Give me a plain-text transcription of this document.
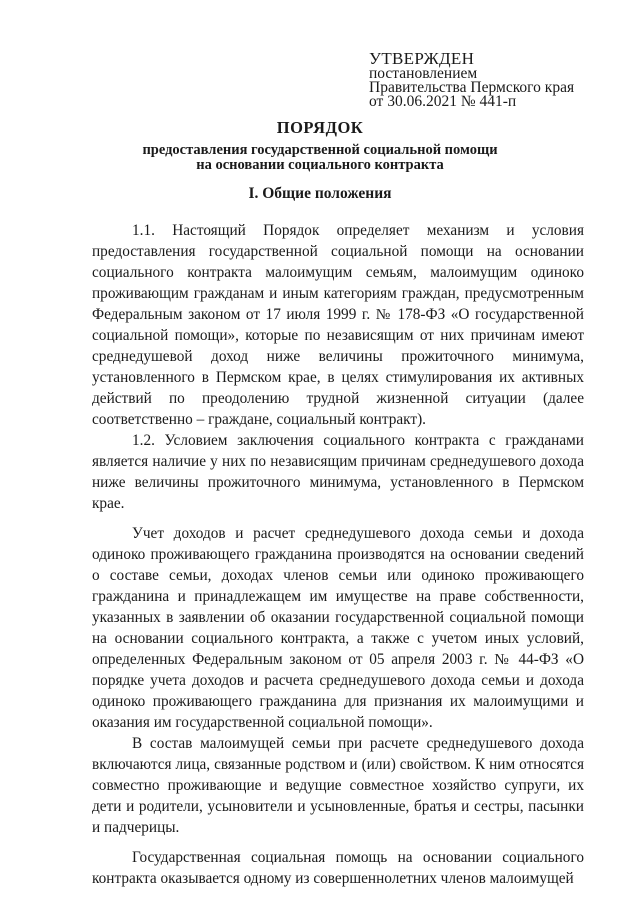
УТВЕРЖДЕН
постановлением
Правительства Пермского края
от 30.06.2021 № 441-п
ПОРЯДОК
предоставления государственной социальной помощи
на основании социального контракта
I. Общие положения

1.1. Настоящий Порядок определяет механизм и условия предоставления государственной социальной помощи на основании социального контракта малоимущим семьям, малоимущим одиноко проживающим гражданам и иным категориям граждан, предусмотренным Федеральным законом от 17 июля 1999 г. № 178-ФЗ «О государственной социальной помощи», которые по независящим от них причинам имеют среднедушевой доход ниже величины прожиточного минимума, установленного в Пермском крае, в целях стимулирования их активных действий по преодолению трудной жизненной ситуации (далее соответственно – граждане, социальный контракт).

1.2. Условием заключения социального контракта с гражданами является наличие у них по независящим причинам среднедушевого дохода ниже величины прожиточного минимума, установленного в Пермском крае.

Учет доходов и расчет среднедушевого дохода семьи и дохода одиноко проживающего гражданина производятся на основании сведений о составе семьи, доходах членов семьи или одиноко проживающего гражданина и принадлежащем им имуществе на праве собственности, указанных в заявлении об оказании государственной социальной помощи на основании социального контракта, а также с учетом иных условий, определенных Федеральным законом от 05 апреля 2003 г. № 44-ФЗ «О порядке учета доходов и расчета среднедушевого дохода семьи и дохода одиноко проживающего гражданина для признания их малоимущими и оказания им государственной социальной помощи».

В состав малоимущей семьи при расчете среднедушевого дохода включаются лица, связанные родством и (или) свойством. К ним относятся совместно проживающие и ведущие совместное хозяйство супруги, их дети и родители, усыновители и усыновленные, братья и сестры, пасынки и падчерицы.

Государственная социальная помощь на основании социального контракта оказывается одному из совершеннолетних членов малоимущей
